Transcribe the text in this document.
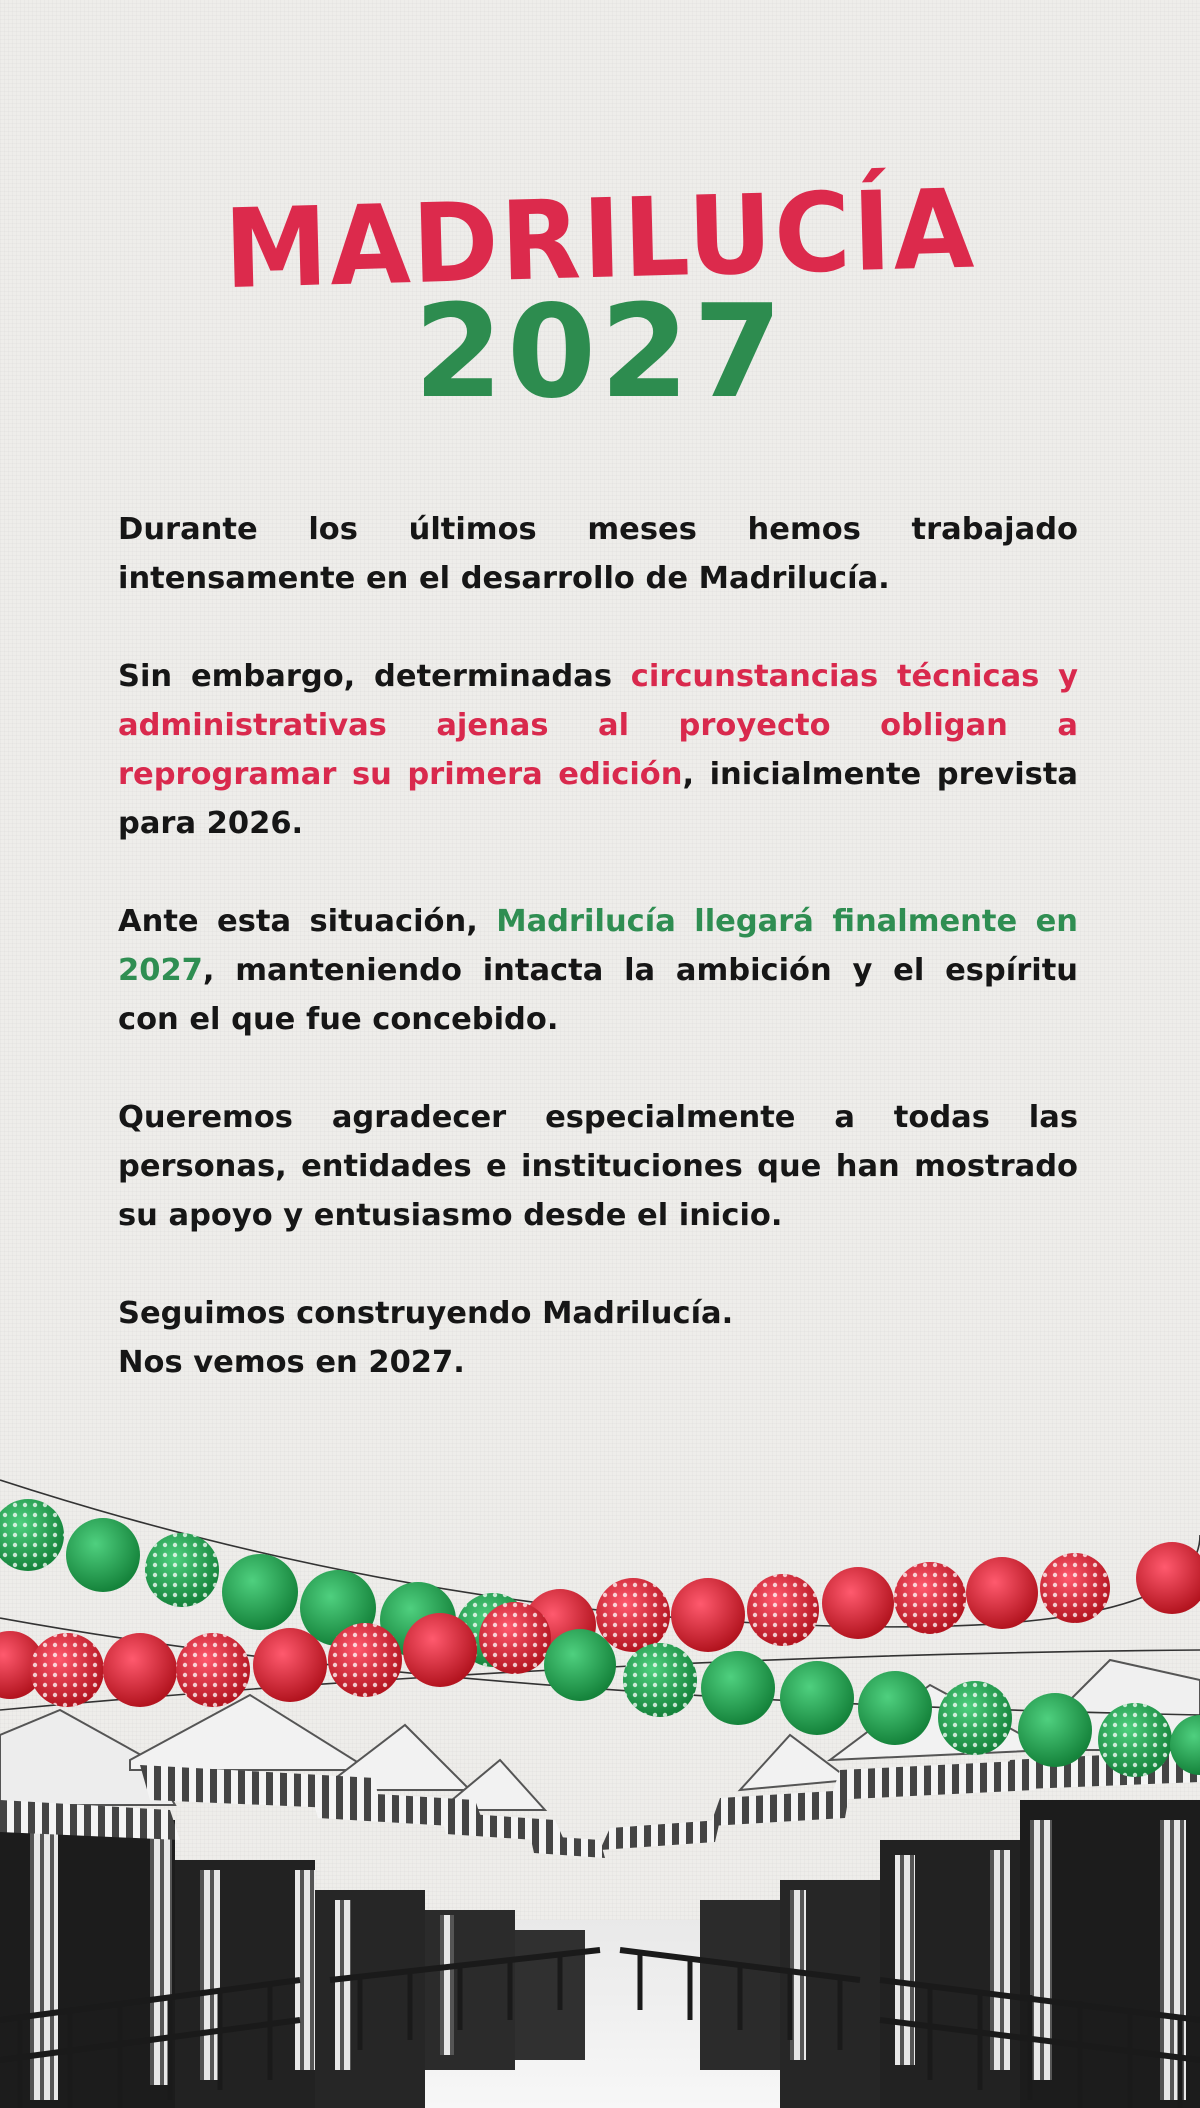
MADRILUCÍA
2027

Durante los últimos meses hemos trabajado intensamente en el desarrollo de Madrilucía.

Sin embargo, determinadas circunstancias técnicas y administrativas ajenas al proyecto obligan a reprogramar su primera edición, inicialmente prevista para 2026.

Ante esta situación, Madrilucía llegará finalmente en 2027, manteniendo intacta la ambición y el espíritu con el que fue concebido.

Queremos agradecer especialmente a todas las personas, entidades e instituciones que han mostrado su apoyo y entusiasmo desde el inicio.

Seguimos construyendo Madrilucía.
Nos vemos en 2027.
